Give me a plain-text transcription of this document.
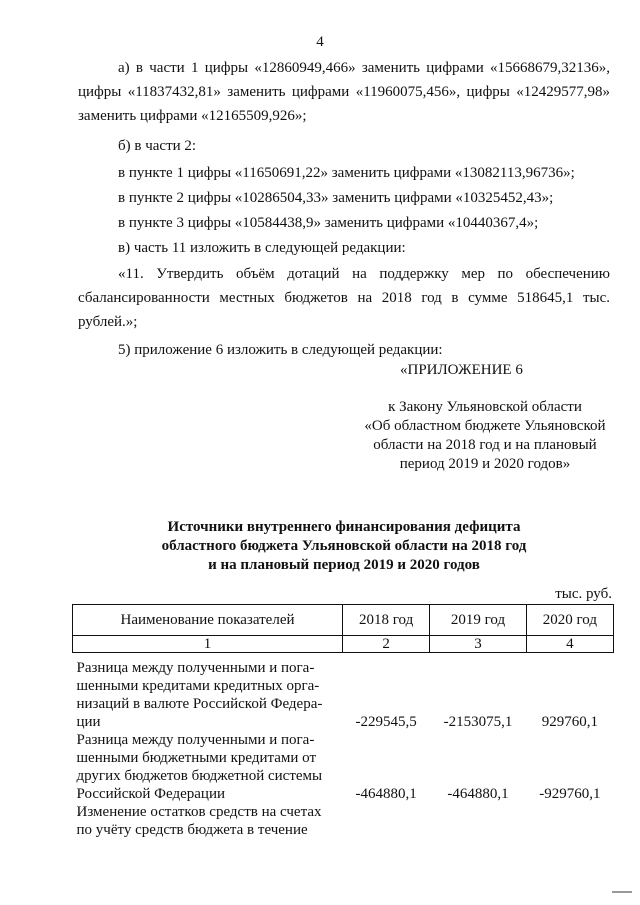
4
а) в части 1 цифры «12860949,466» заменить цифрами «15668679,32136»,
цифры «11837432,81» заменить цифрами «11960075,456», цифры «12429577,98»
заменить цифрами «12165509,926»;
б) в части 2:
в пункте 1 цифры «11650691,22» заменить цифрами «13082113,96736»;
в пункте 2 цифры «10286504,33» заменить цифрами «10325452,43»;
в пункте 3 цифры «10584438,9» заменить цифрами «10440367,4»;
в) часть 11 изложить в следующей редакции:
«11. Утвердить объём дотаций на поддержку мер по обеспечению
сбалансированности местных бюджетов на 2018 год в сумме 518645,1 тыс.
рублей.»;
5) приложение 6 изложить в следующей редакции:
«ПРИЛОЖЕНИЕ 6
к Закону Ульяновской области
«Об областном бюджете Ульяновской
области на 2018 год и на плановый
период 2019 и 2020 годов»
Источники внутреннего финансирования дефицита
областного бюджета Ульяновской области на 2018 год
и на плановый период 2019 и 2020 годов
тыс. руб.
Наименование показателей	2018 год	2019 год	2020 год
1	2	3	4

Разница между полученными и пога-
шенными кредитами кредитных орга-
низаций в валюте Российской Федера-
ции	-229545,5	-2153075,1	929760,1

Разница между полученными и пога-
шенными бюджетными кредитами от
других бюджетов бюджетной системы
Российской Федерации	-464880,1	-464880,1	-929760,1

Изменение остатков средств на счетах
по учёту средств бюджета в течение			
